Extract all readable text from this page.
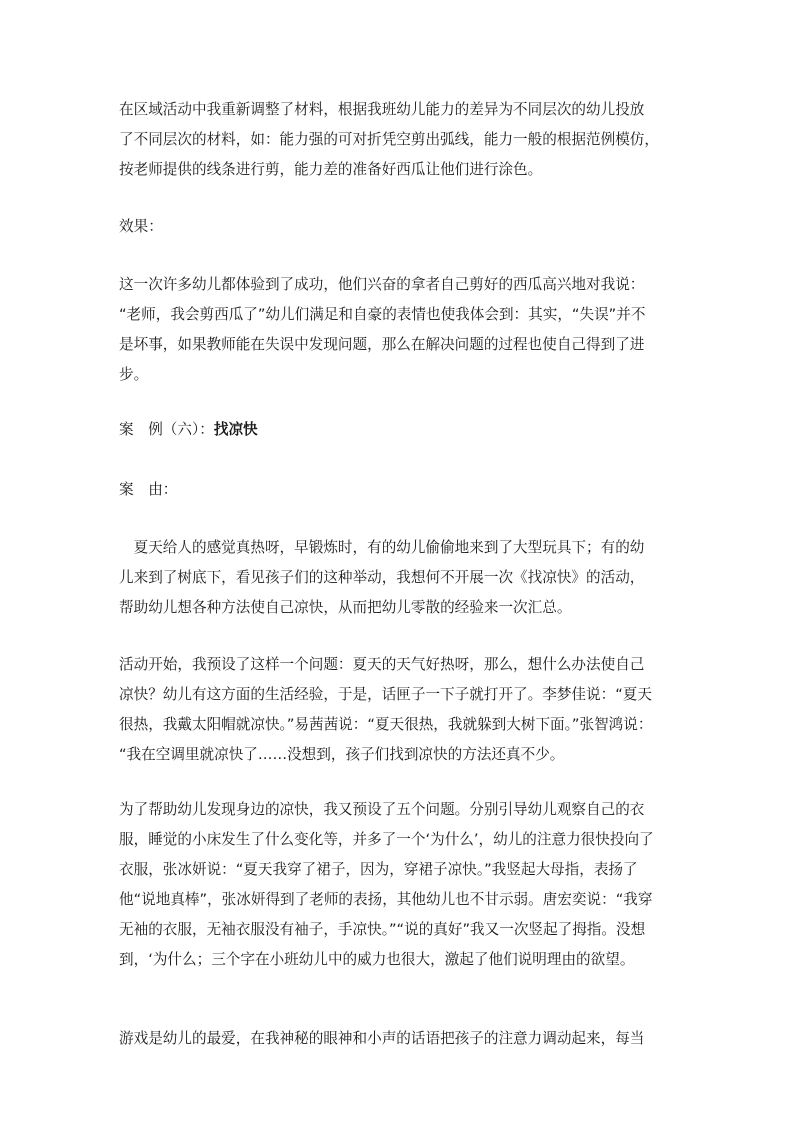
在区域活动中我重新调整了材料，根据我班幼儿能力的差异为不同层次的幼儿投放
了不同层次的材料，如：能力强的可对折凭空剪出弧线，能力一般的根据范例模仿，
按老师提供的线条进行剪，能力差的准备好西瓜让他们进行涂色。
效果：
这一次许多幼儿都体验到了成功，他们兴奋的拿者自己剪好的西瓜高兴地对我说：
“老师，我会剪西瓜了”幼儿们满足和自豪的表情也使我体会到：其实，“失误”并不
是坏事，如果教师能在失误中发现问题，那么在解决问题的过程也使自己得到了进
步。
案　例（六）：找凉快
案　由：
　夏天给人的感觉真热呀，早锻炼时，有的幼儿偷偷地来到了大型玩具下；有的幼
儿来到了树底下，看见孩子们的这种举动，我想何不开展一次《找凉快》的活动，
帮助幼儿想各种方法使自己凉快，从而把幼儿零散的经验来一次汇总。
活动开始，我预设了这样一个问题：夏天的天气好热呀，那么，想什么办法使自己
凉快？幼儿有这方面的生活经验，于是，话匣子一下子就打开了。李梦佳说：“夏天
很热，我戴太阳帽就凉快。”易茜茜说：“夏天很热，我就躲到大树下面。”张智鸿说：
“我在空调里就凉快了……没想到，孩子们找到凉快的方法还真不少。
为了帮助幼儿发现身边的凉快，我又预设了五个问题。分别引导幼儿观察自己的衣
服，睡觉的小床发生了什么变化等，并多了一个‘为什么’，幼儿的注意力很快投向了
衣服，张冰妍说：“夏天我穿了裙子，因为，穿裙子凉快。”我竖起大母指，表扬了
他“说地真棒”，张冰妍得到了老师的表扬，其他幼儿也不甘示弱。唐宏奕说：“我穿
无袖的衣服，无袖衣服没有袖子，手凉快。”“说的真好”我又一次竖起了拇指。没想
到，‘为什么；三个字在小班幼儿中的威力也很大，激起了他们说明理由的欲望。
游戏是幼儿的最爱，在我神秘的眼神和小声的话语把孩子的注意力调动起来，每当
